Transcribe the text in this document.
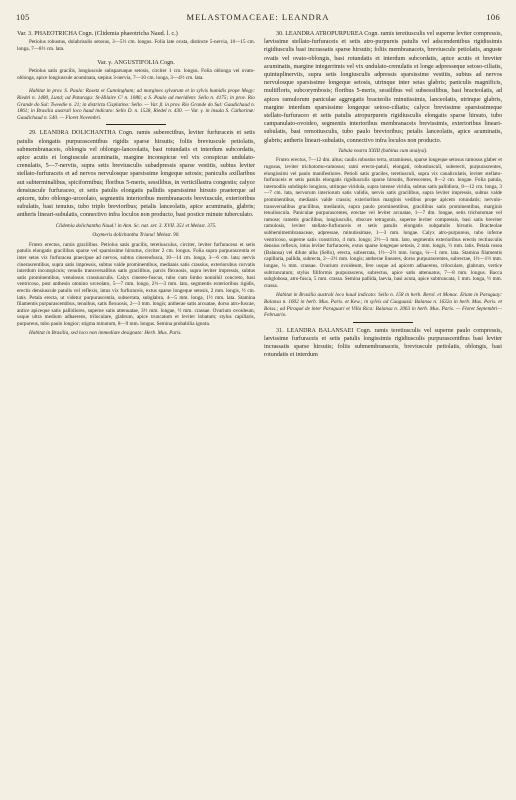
105	MELASTOMACEAE: LEANDRA	106

Var. 3. PHAEOTRICHA Cogn. (Clidemia phaeotricha Naud. l. c.)

Petiolus robustus, dolabrisulis setosus, 3—5½ cm. longus. Folia late ovata, distincte 5-nervia, 10—15 cm. longa, 7—8½ cm. lata.

Var. γ. ANGUSTIFOLIA Cogn.

Petiolus satis gracilis, longiuscule subsparsaque setosis, circiter 1 cm. longus. Folia oblonga vel ovato-oblonga, apice longiuscule acuminata, sæpius 3-nervia, 7—10 cm. longa, 3—4½ cm. lata.

Habitat in prov. S. Paulo: Rosetz et Cunningham; ad margines sylvarum et in sylvis humidis prope Mogy: Riedel n. 1480, Lund; ad Pataragu: St-Hilaire C² n. 1086; a S. Paulo ad meridiem: Sello n. 4175; in prov. Rio Grande do Sul: Tweedie n. 21; in districtu Cisplatino: Sello. — Var. β. in prov. Rio Grande do Sul: Gaudichaud n. 1861; in Brasilia australi loco haud indicato: Sello D. n. 1528, Riedel n. 430. — Var. γ. in insula S. Catharinæ: Gaudichaud n. 540. — Floret Novembri.

29. LEANDRA DOLICHANTHA Cogn. ramis suberectibus, leviter furfuraceis et setis patulis elongatis purpurascentibus rigidis sparse hirsutis; foliis breviuscule petiolatis, submembranaceis, oblongis vel oblongo-lanceolatis, basi rotundatis et interdum subcordatis, apice acutis et longiuscule acuminatis, margine inconspicue vel vix conspicue undulato-crenulatis, 5—7-nerviis, supra setis breviusculis subadpressis sparse vestitis, subtus leviter stellato-furfuraceis et ad nervos nervulosque sparsissime longeque setosis; paniculis axillaribus aut subterminalibus, spiciformibus; floribus 5-meris, sessilibus, in verticillastra congestis; calyce densiuscule furfuraceo, et setis patulis elongatis pallidis sparsissime hirsuto praeterque ad apicem, tubo oblongo-urceolato, segmentis interioribus membranaceis breviuscule, exterioribus subulatis, basi tenuius, tubo triplo brevioribus; petalis lanceolatis, apice acuminatis, glabris; antheris lineari-subulatis, connectivo infra loculos non producto, basi postice minute tuberculato.

Clidemia dolichantha Naud.! in Ann. Sc. nat. ser. 3. XVII. 351 et Melast. 375.

Oxymeris dolichantha Triana! Melast. 90.

Frutex erectus, ramis gracilibus. Petiolus satis gracilis, teretiusculus, circiter, leviter furfuraceus et setis patulis elongatis gracilibus sparse vel sparsissime hirsutus, circiter 2 cm. longus. Folia supra parpurascentia et inter setas vix furfuracea praecipue ad nervos, subtus cinereofusca, 10—14 cm. longa, 3—6 cm. lata; nervis cinerascentibus, supra satis impressis, subtus valde prominentibus, medianis satis crassius, exteriorubus curvatis interdum inconspicuis; venulis transversalibus satis gracilibus, parcis flexuosis, supra leviter impressis, subtus satis prominentibus, venulosus crassiusculis. Calyx cinereo-fuscus, tubo cum limbo nonnihil concreto, basi ventricoso, post anthesin omnino urceolato, 5—7 mm. longo, 2½—3 mm. lato, segmentis exterioribus rigidis, erectis densiuscule patulis vel reflexis, intus vix furfuraceis, extus sparse longeque setosis, 2 mm. longis, ½ cm. latis. Petala erecta, ut videtur purpurascentia, subserrata, subglabra, 4—5 mm. longa, 1½ mm. lata. Stamina filamentis purpurascentibus, tenuibus, satis flexuosis, 2—3 mm. longis; antherae satis arcuatae, dorso atro-fuscae, antice apiceque satis pallidiores, superne satis attenuatae, 3½ mm. longae, ½ mm. crassae. Ovarium ovoideum, usque ultra medium adhaerens, triloculare, glabrum, apice truncatum et leviter lobatum; stylus capillaris, purpureus, tubo paulo longior; stigma minutum, 8—9 mm. longus. Semina probabilia ignota.

Habitat in Brasilia, sed loco non immediate designato: Herb. Mus. Paris.

30. LEANDRA ATROPURPUREA Cogn. ramis teretiusculis vel superne leviter compressis, lævissime stellato-furfuraceis et setis atro-purpureis patulis vel adscendentibus rigidissimis rigidiusculis basi incrassatis sparse hirsutis; foliis membranaceis, breviuscule petiolatis, anguste ovatis vel ovato-oblongis, basi rotundatis et interdum subcordatis, apice acutis et breviter acuminatis, margine integerrimis vel vix undulato-crenulatis et longe adpresseque setoso-ciliatis, quintuplinerviis, supra setis longiusculis adpressis sparsissime vestitis, subtus ad nervos nervulosque sparsissime longeque setosis, utrinque inter setas glabris; paniculis magnificis, multifloris, subcorymbosis; floribus 5-meris, sessilibus vel subsessilibus, basi bracteolatis, ad apices ramulorum paniculae aggregatis bracteolis minutissimis, lanceolatis, utrinque glabris, margine interdum sparsissime longeque setoso-ciliatis; calyce brevissime sparsissimeque stellato-furfuraceo et setis patulis atropurpureis rigidiusculis elongatis sparse hirsuto, tubo campanulato-ovoideo, segmentis interioribus membranaceis brevissimis, exterioribus lineari-subulatis, basi remotiusculis, tubo paulo brevioribus; petalis lanceolatis, apice acuminatis, glabris; antheris lineari-subulatis, connectivo infra loculos non producto.

Tabula nostra XXIII (habitus cum analysi).

Frutex erectus, 7—12 dm. altus; caulis robustus terra, stramineus, sparse longeque setosus ramosus glaber et rugosus, leviter trichotomo-ramosus; rami erecto-patuli, elongati, robustiusculi, suberecti, purpurascentes, elongissimi vel paulo manifestiores. Petioli satis graciles, teretiusculi, supra vix canaliculatis, leviter stellato-furfuraceis et setis patulis elongatis rigidiusculis sparse hirsutis, florescentes, 8—2 cm. longae. Folia patula, internodiis subdisplo longiora, utrinque viridula, supra intense viridia, subtus satis pallidiora, 8—12 cm. longa, 3—7 cm. lata, nervorum interiorum satis validis, nervis satis gracilibus, supra leviter impressis, subtus valde prominentibus, medianis valde crassis; exterioribus marginis vedibus prope apicem rotundatis; nervulo-transversalibus gracilibus, mediantis, supra paulo prominentibus, gracilibus satis prominentibus, marginis tenuiluscula. Paniculae purpurascentes, erectae vel leviter arcuatae, 1—7 dm. longae, setis trichotomae vel ramose; rametis gracilibus, longiusculis, obscure tetragonis, superne leviter compressis, basi satis breviter ramulosis, leviter stellato-furfuraceis et setis patulis elongatis subpatulis hirsutis. Bracteolae subhemimembranaceae, adpressae, minutissimae, 1—3 mm. longae. Calyx atro-purpureus, tubo inferne ventricoso, superne satis constricto, 4 mm. longo; 2½—3 mm. lato, segmentis exterioribus erectis rectiusculis densius reflexis, intus leviter furfuraceis, extus sparse longeque setosis, 2 mm. longis, ½ mm. latis. Petala rosea (Balansa) vel dilute alba (Sello), erecta, subserrata, 1½—2½ mm. longa, ¼—1 mm. lata. Stamina filamentis capillaria, pallida, subrecta, 2—2½ mm. longis; antherae lineares, dorso purpurascentes, subrectae, 1½—1½ mm. longae, ¼ mm. crassae. Ovarium ovoideum, fere usque ad apicem adhaerens, triloculare, glabrum, vertice subtruncatum; stylus filiformis purpurascens, subrectus, apice satis attenuatus, 7—8 mm. longus. Bacca subglobosa, atro-fusca, 5 mm. crassa. Semina pallida, laevia, basi acuta, apice subtruncata, 1 mm. longa, ½ mm. crassa.

Habitat in Brasilia australi loco haud indicato: Sello n. 158 in herb. Berol. et Monac. Etiam in Paraguay: Balansa n. 1602 in herb. Mus. Paris. et Kew.; in sylvis ad Caaguazú: Balansa n. 1632a in herb. Mus. Paris. et Boiss.; ad Piraqué de inter Paraguari et Villa Rica: Balansa n. 2063 in herb. Mus. Paris. — Floret Septembri—Februario.

31. LEANDRA BALANSAEI Cogn. ramis teretiusculis vel superne paulo compressis, lævissime furfuraceis et setis patulis longissimis rigidiusculis purpurascentibus basi leviter incrassatis sparse hirsutis; foliis submembranaceis, breviuscule petiolatis, oblongis, basi rotundatis et interdum
